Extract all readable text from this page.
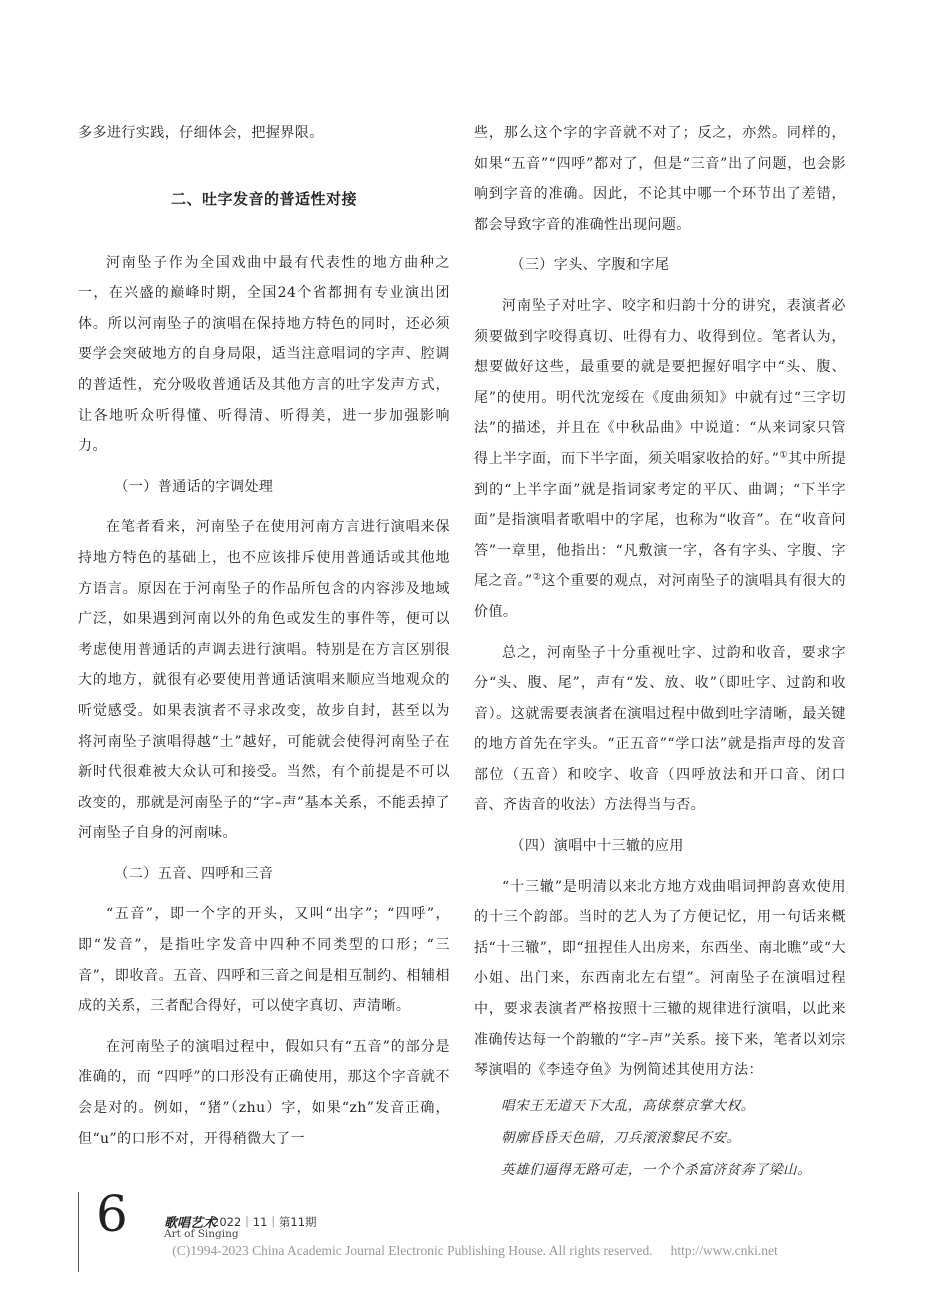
多多进行实践，仔细体会，把握界限。

二、吐字发音的普适性对接

河南坠子作为全国戏曲中最有代表性的地方曲种之一，在兴盛的巅峰时期，全国24个省都拥有专业演出团体。所以河南坠子的演唱在保持地方特色的同时，还必须要学会突破地方的自身局限，适当注意唱词的字声、腔调的普适性，充分吸收普通话及其他方言的吐字发声方式，让各地听众听得懂、听得清、听得美，进一步加强影响力。

（一）普通话的字调处理

在笔者看来，河南坠子在使用河南方言进行演唱来保持地方特色的基础上，也不应该排斥使用普通话或其他地方语言。原因在于河南坠子的作品所包含的内容涉及地域广泛，如果遇到河南以外的角色或发生的事件等，便可以考虑使用普通话的声调去进行演唱。特别是在方言区别很大的地方，就很有必要使用普通话演唱来顺应当地观众的听觉感受。如果表演者不寻求改变，故步自封，甚至以为将河南坠子演唱得越“土”越好，可能就会使得河南坠子在新时代很难被大众认可和接受。当然，有个前提是不可以改变的，那就是河南坠子的“字–声”基本关系，不能丢掉了河南坠子自身的河南味。

（二）五音、四呼和三音

“五音”，即一个字的开头，又叫“出字”；“四呼”，即“发音”，是指吐字发音中四种不同类型的口形；“三音”，即收音。五音、四呼和三音之间是相互制约、相辅相成的关系，三者配合得好，可以使字真切、声清晰。

在河南坠子的演唱过程中，假如只有“五音”的部分是准确的，而 “四呼”的口形没有正确使用，那这个字音就不会是对的。例如，“猪”（zhu）字，如果“zh”发音正确，但“u”的口形不对，开得稍微大了一

些，那么这个字的字音就不对了；反之，亦然。同样的，如果“五音”“四呼”都对了，但是“三音”出了问题，也会影响到字音的准确。因此，不论其中哪一个环节出了差错，都会导致字音的准确性出现问题。

（三）字头、字腹和字尾

河南坠子对吐字、咬字和归韵十分的讲究，表演者必须要做到字咬得真切、吐得有力、收得到位。笔者认为，想要做好这些，最重要的就是要把握好唱字中“头、腹、尾”的使用。明代沈宠绥在《度曲须知》中就有过“三字切法”的描述，并且在《中秋品曲》中说道：“从来词家只管得上半字面，而下半字面，须关唱家收拾的好。”①其中所提到的“上半字面”就是指词家考定的平仄、曲调；“下半字面”是指演唱者歌唱中的字尾，也称为“收音”。在“收音问答”一章里，他指出：“凡敷演一字，各有字头、字腹、字尾之音。”②这个重要的观点，对河南坠子的演唱具有很大的价值。

总之，河南坠子十分重视吐字、过韵和收音，要求字分“头、腹、尾”，声有“发、放、收”（即吐字、过韵和收音）。这就需要表演者在演唱过程中做到吐字清晰，最关键的地方首先在字头。“正五音”“学口法”就是指声母的发音部位（五音）和咬字、收音（四呼放法和开口音、闭口音、齐齿音的收法）方法得当与否。

（四）演唱中十三辙的应用

“十三辙”是明清以来北方地方戏曲唱词押韵喜欢使用的十三个韵部。当时的艺人为了方便记忆，用一句话来概括“十三辙”，即“扭捏佳人出房来，东西坐、南北瞧”或“大小姐、出门来，东西南北左右望”。河南坠子在演唱过程中，要求表演者严格按照十三辙的规律进行演唱，以此来准确传达每一个韵辙的“字–声”关系。接下来，笔者以刘宗琴演唱的《李逵夺鱼》为例简述其使用方法：

唱宋王无道天下大乱，高俅蔡京掌大权。

朝廓昏昏天色暗，刀兵滚滚黎民不安。

英雄们逼得无路可走，一个个杀富济贫奔了梁山。

6	歌唱艺术
2022｜11｜第11期
Art of Singing
(C)1994-2023 China Academic Journal Electronic Publishing House. All rights reserved. http://www.cnki.net
